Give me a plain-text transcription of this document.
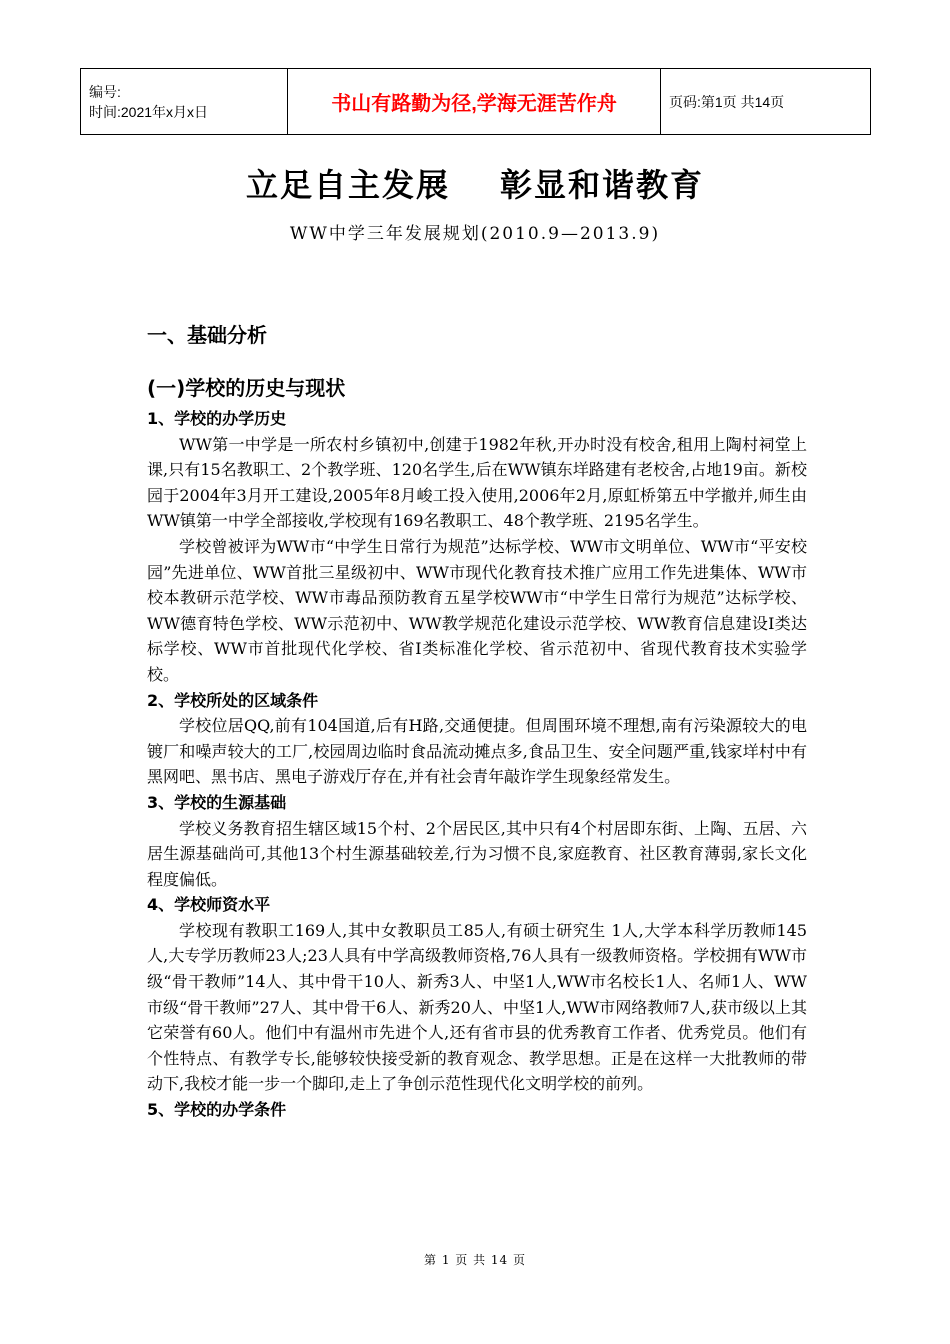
编号:
时间:2021年x月x日	书山有路勤为径,学海无涯苦作舟	页码:第1页 共14页
立足自主发展 彰显和谐教育
WW中学三年发展规划(2010.9—2013.9)
一、基础分析
(一)学校的历史与现状
1、学校的办学历史

WW第一中学是一所农村乡镇初中,创建于1982年秋,开办时没有校舍,租用上陶村祠堂上课,只有15名教职工、2个教学班、120名学生,后在WW镇东垟路建有老校舍,占地19亩。新校园于2004年3月开工建设,2005年8月峻工投入使用,2006年2月,原虹桥第五中学撤并,师生由WW镇第一中学全部接收,学校现有169名教职工、48个教学班、2195名学生。

学校曾被评为WW市“中学生日常行为规范”达标学校、WW市文明单位、WW市“平安校园”先进单位、WW首批三星级初中、WW市现代化教育技术推广应用工作先进集体、WW市校本教研示范学校、WW市毒品预防教育五星学校WW市“中学生日常行为规范”达标学校、WW德育特色学校、WW示范初中、WW教学规范化建设示范学校、WW教育信息建设Ⅰ类达标学校、WW市首批现代化学校、省Ⅰ类标准化学校、省示范初中、省现代教育技术实验学校。

2、学校所处的区域条件

学校位居QQ,前有104国道,后有H路,交通便捷。但周围环境不理想,南有污染源较大的电镀厂和噪声较大的工厂,校园周边临时食品流动摊点多,食品卫生、安全问题严重,钱家垟村中有黑网吧、黑书店、黑电子游戏厅存在,并有社会青年敲诈学生现象经常发生。

3、学校的生源基础

学校义务教育招生辖区域15个村、2个居民区,其中只有4个村居即东街、上陶、五居、六居生源基础尚可,其他13个村生源基础较差,行为习惯不良,家庭教育、社区教育薄弱,家长文化程度偏低。

4、学校师资水平

学校现有教职工169人,其中女教职员工85人,有硕士研究生 1人,大学本科学历教师145人,大专学历教师23人;23人具有中学高级教师资格,76人具有一级教师资格。学校拥有WW市级“骨干教师”14人、其中骨干10人、新秀3人、中坚1人,WW市名校长1人、名师1人、WW市级“骨干教师”27人、其中骨干6人、新秀20人、中坚1人,WW市网络教师7人,获市级以上其它荣誉有60人。他们中有温州市先进个人,还有省市县的优秀教育工作者、优秀党员。他们有个性特点、有教学专长,能够较快接受新的教育观念、教学思想。正是在这样一大批教师的带动下,我校才能一步一个脚印,走上了争创示范性现代化文明学校的前列。

5、学校的办学条件
第 1 页 共 14 页
